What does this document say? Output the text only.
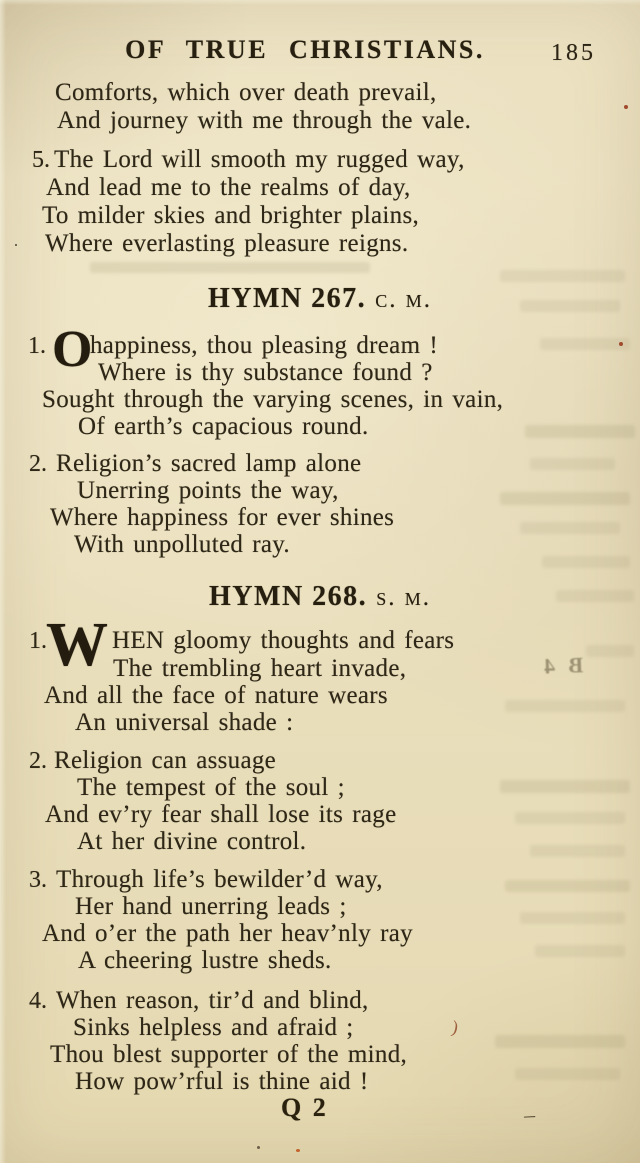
B 4
OF TRUE CHRISTIANS.	185
Comforts, which over death prevail,
And journey with me through the vale.
5. The Lord will smooth my rugged way,
And lead me to the realms of day,
To milder skies and brighter plains,
Where everlasting pleasure reigns.
HYMN 267. c. m.
1. O
happiness, thou pleasing dream !
Where is thy substance found ?
Sought through the varying scenes, in vain,
Of earth’s capacious round.
2. Religion’s sacred lamp alone
Unerring points the way,
Where happiness for ever shines
With unpolluted ray.
HYMN 268. s. m.
1. W HEN gloomy thoughts and fears
The trembling heart invade,
And all the face of nature wears
An universal shade :
2. Religion can assuage
The tempest of the soul ;
And ev’ry fear shall lose its rage
At her divine control.
3. Through life’s bewilder’d way,
Her hand unerring leads ;
And o’er the path her heav’nly ray
A cheering lustre sheds.
4. When reason, tir’d and blind,
Sinks helpless and afraid ;
Thou blest supporter of the mind,
How pow’rful is thine aid !
Q 2
)
–
